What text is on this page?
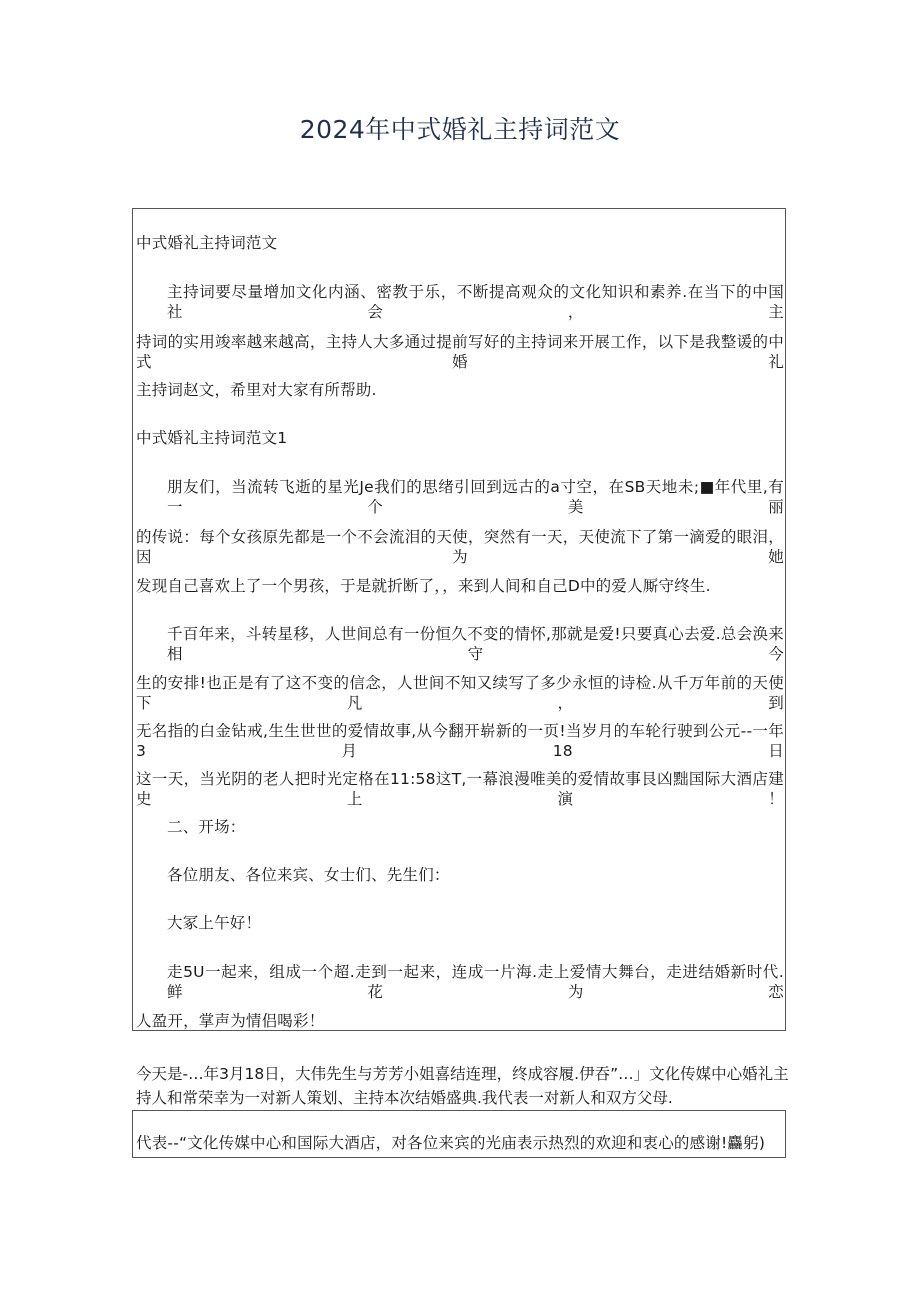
2024年中式婚礼主持词范文
中式婚礼主持词范文
主持词要尽量增加文化内涵、密教于乐，不断提高观众的文化知识和素养.在当下的中国社会，主
持词的实用竣率越来越高，主持人大多通过提前写好的主持词来开展工作，以下是我整谖的中式婚礼
主持词赵文，希里对大家有所帮助.
中式婚礼主持词范文1
朋友们，当流转飞逝的星光Je我们的思绪引回到远古的a寸空，在SB天地未;■年代里,有一个美丽
的传说：每个女孩原先都是一个不会流泪的天使，突然有一天，天使流下了第一滴爱的眼泪，因为她
发现自己喜欢上了一个男孩，于是就折断了，，来到人间和自己D中的爱人厮守终生.
千百年来，斗转星移，人世间总有一份恒久不变的情怀,那就是爱!只要真心去爱.总会涣来相守今
生的安排!也正是有了这不变的信念，人世间不知又续写了多少永恒的诗检.从千万年前的天使下凡，到
无名指的白金钻戒,生生世世的爱情故事,从今翻开崭新的一页!当岁月的车轮行驶到公元--一年3月18日
这一天，当光阴的老人把时光定格在11:58这T,一幕浪漫唯美的爱情故事艮凶黜国际大酒店建史上演！
二、开场：
各位朋友、各位来宾、女士们、先生们：
大冢上午好！
走5U一起来，组成一个超.走到一起来，连成一片海.走上爱情大舞台，走进结婚新时代.鲜花为恋
人盈开，掌声为情侣喝彩！
今天是-…年3月18日，大伟先生与芳芳小姐喜结连理，终成容履.伊吞”…」文化传媒中心婚礼主
持人和常荣幸为一对新人策划、主持本次结婚盛典.我代表一对新人和双方父母.
代表--“文化传媒中心和国际大酒店，对各位来宾的光庙表示热烈的欢迎和衷心的感谢!麤躬)
